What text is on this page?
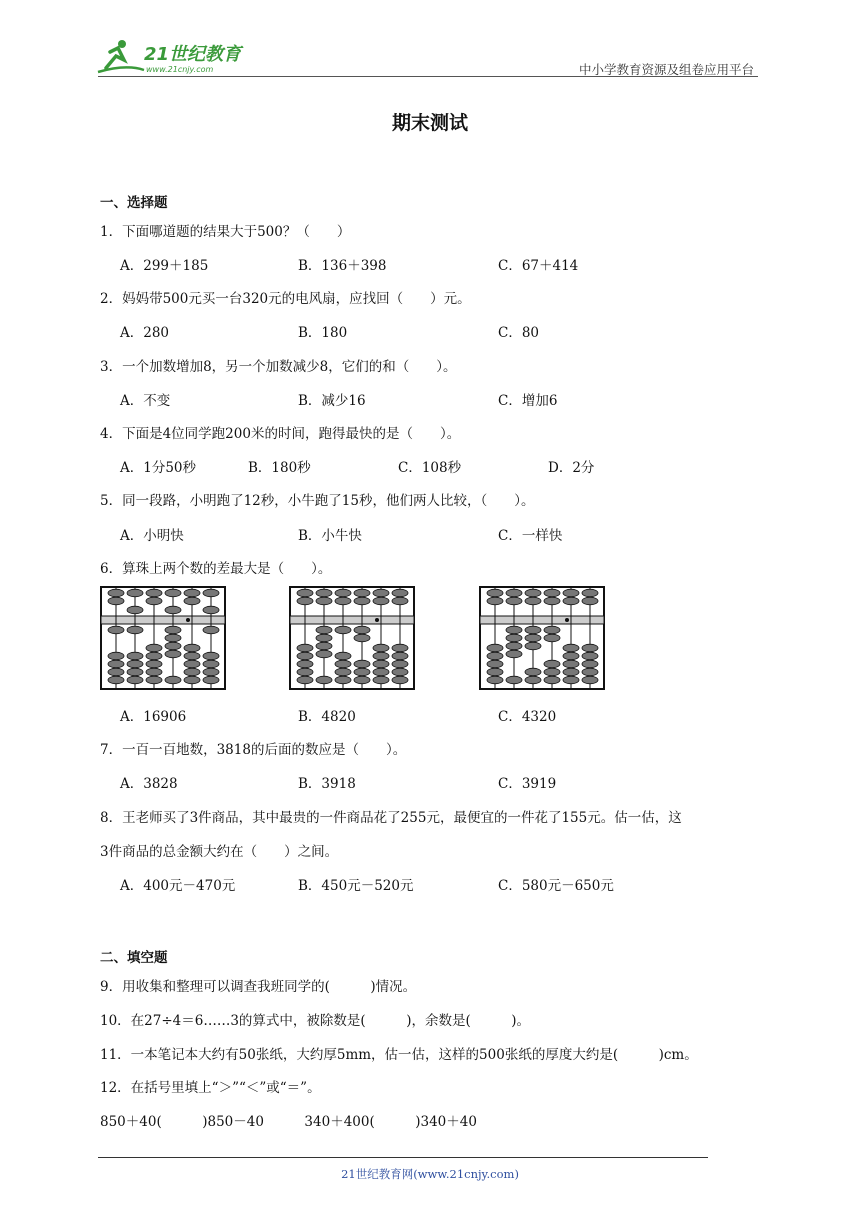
21世纪教育
www.21cnjy.com	中小学教育资源及组卷应用平台
期末测试
一、选择题
1．下面哪道题的结果大于500？（　　）
A．299＋185	B．136＋398	C．67＋414
2．妈妈带500元买一台320元的电风扇，应找回（　　）元。
A．280	B．180	C．80
3．一个加数增加8，另一个加数减少8，它们的和（　　）。
A．不变	B．减少16	C．增加6
4．下面是4位同学跑200米的时间，跑得最快的是（　　）。
A．1分50秒	B．180秒	C．108秒	D．2分
5．同一段路，小明跑了12秒，小牛跑了15秒，他们两人比较，（　　）。
A．小明快	B．小牛快	C．一样快
6．算珠上两个数的差最大是（　　）。
A．16906	B．4820	C．4320
7．一百一百地数，3818的后面的数应是（　　）。
A．3828	B．3918	C．3919
8．王老师买了3件商品，其中最贵的一件商品花了255元，最便宜的一件花了155元。估一估，这
3件商品的总金额大约在（　　）之间。
A．400元－470元	B．450元－520元	C．580元－650元
二、填空题
9．用收集和整理可以调查我班同学的(　　　)情况。
10．在27÷4＝6……3的算式中，被除数是(　　　)，余数是(　　　)。
11．一本笔记本大约有50张纸，大约厚5mm，估一估，这样的500张纸的厚度大约是(　　　)cm。
12．在括号里填上“＞”“＜”或“＝”。
850＋40(　　　)850－40　　　340＋400(　　　)340＋40
21世纪教育网(www.21cnjy.com)
